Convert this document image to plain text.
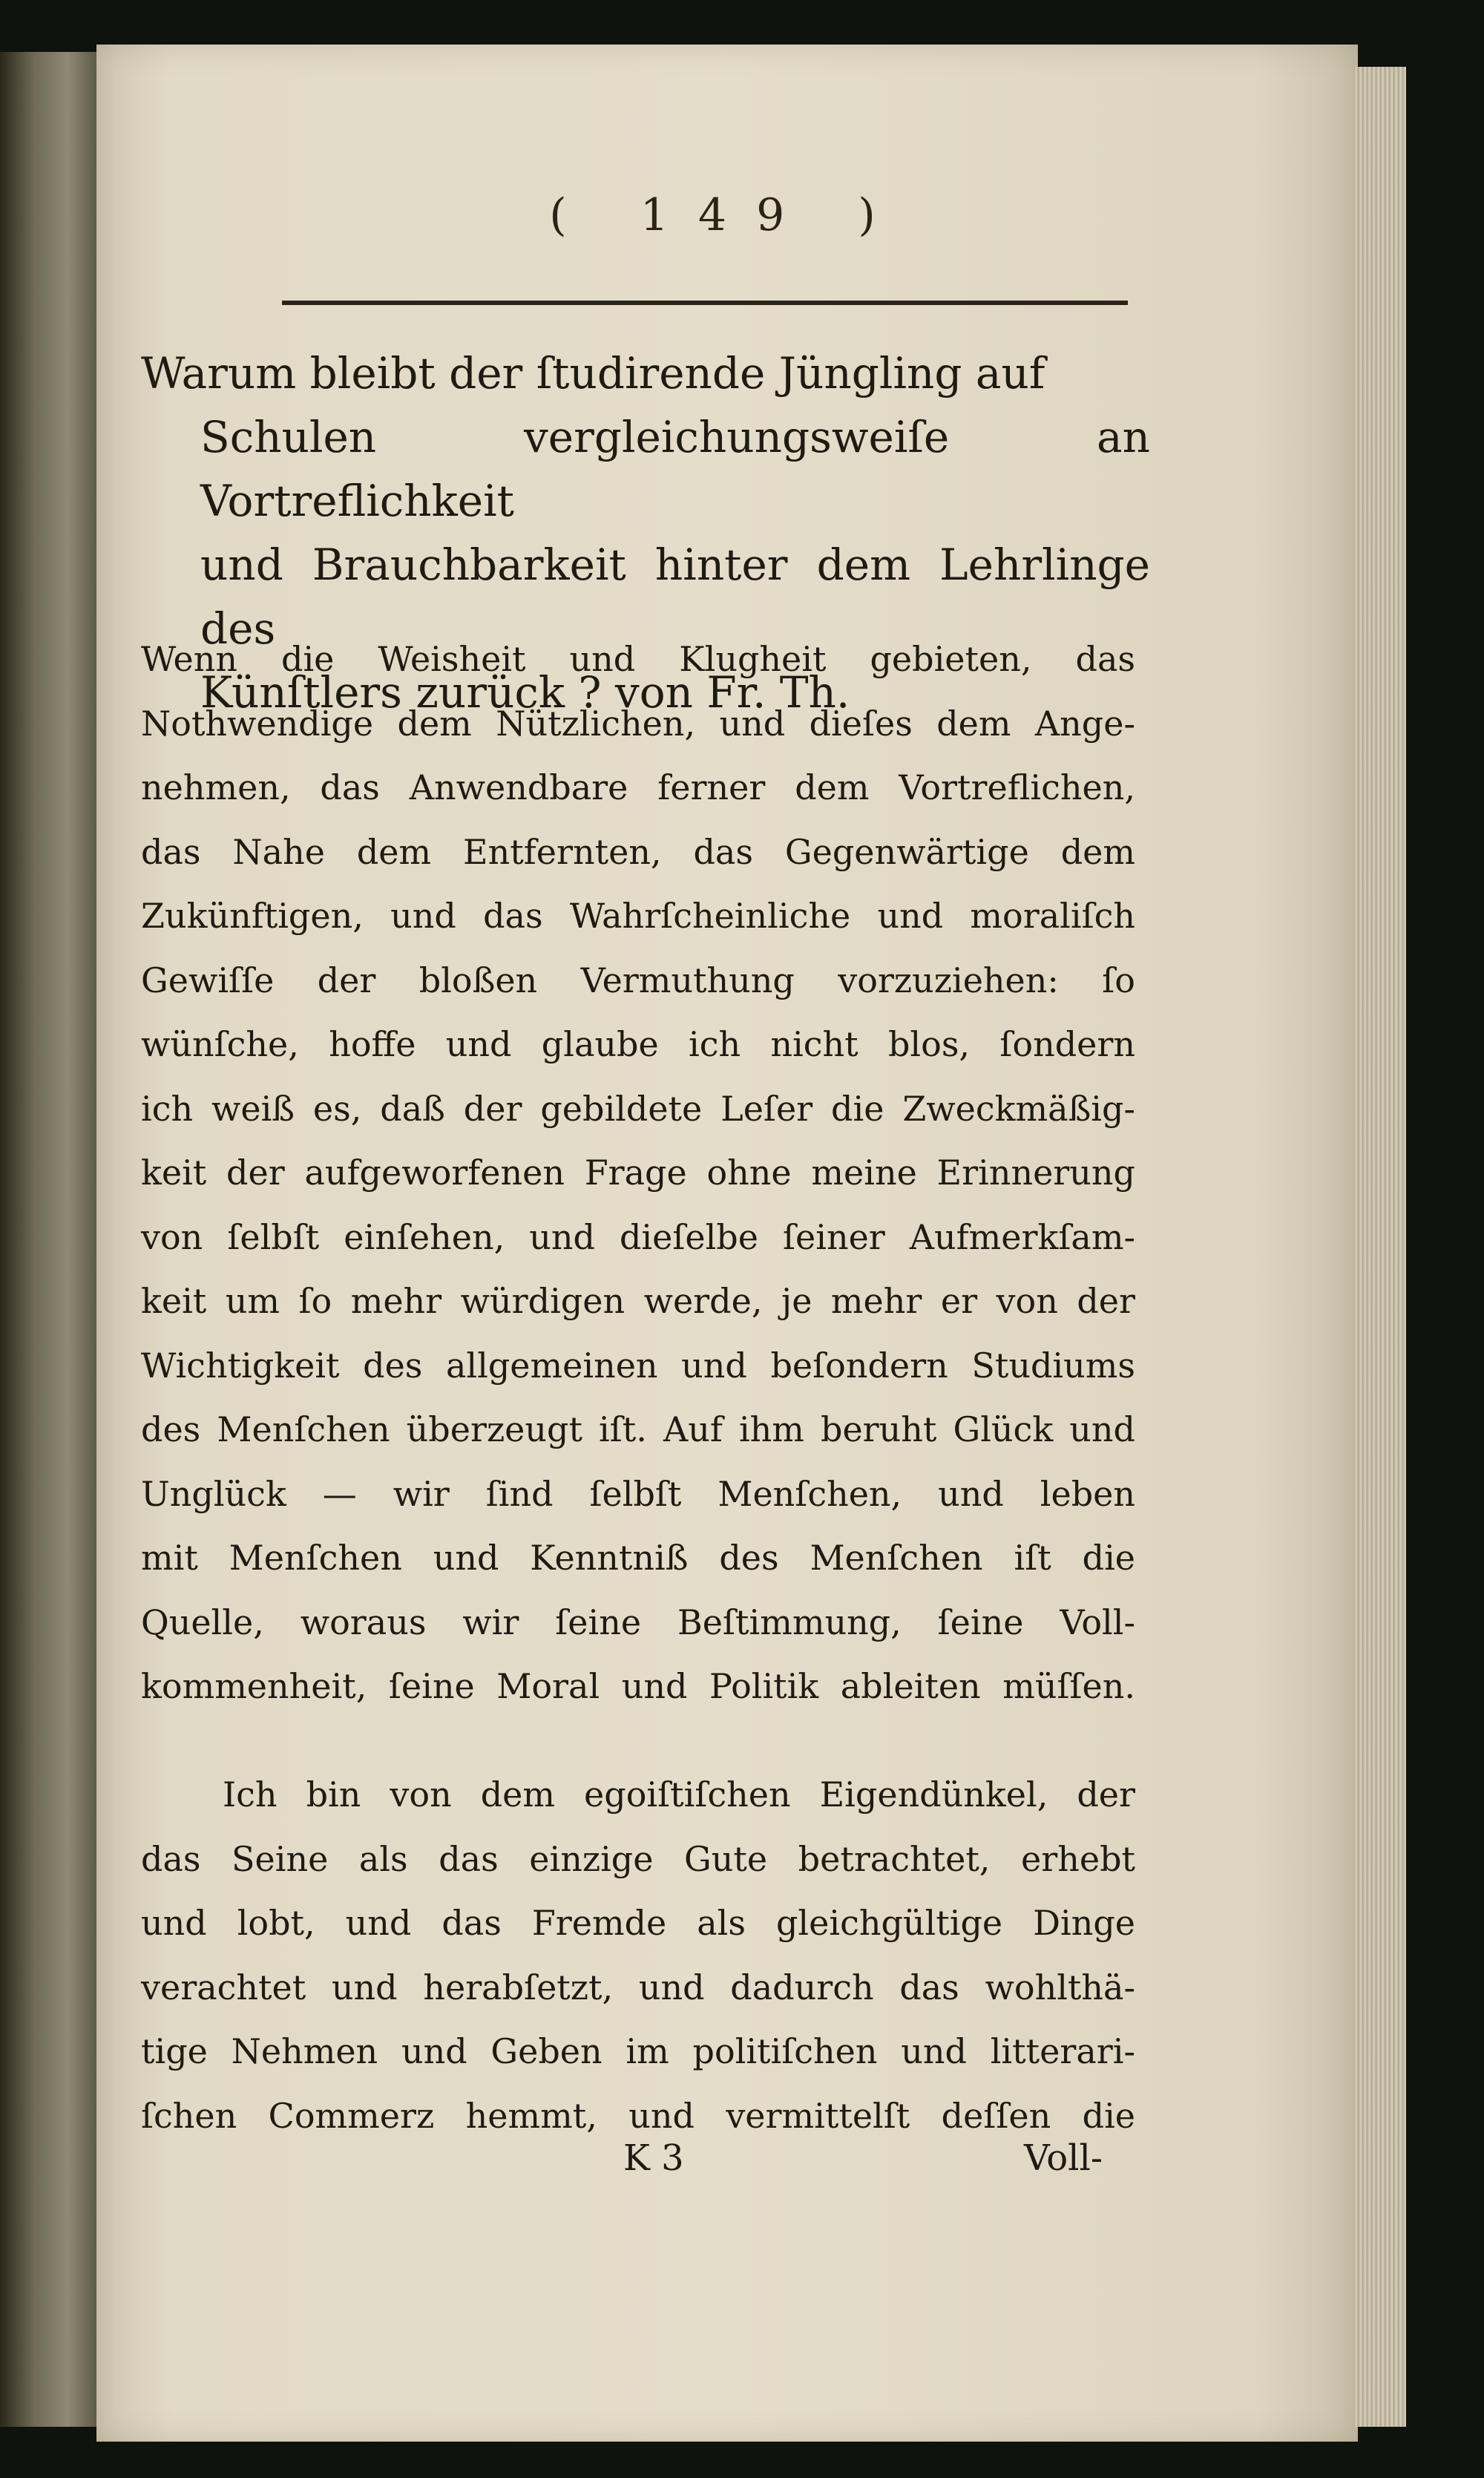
( 149 )
Warum bleibt der ſtudirende Jüngling auf
Schulen vergleichungsweiſe an Vortreflichkeit
und Brauchbarkeit hinter dem Lehrlinge des
Künſtlers zurück ? von Fr. Th.
Wenn die Weisheit und Klugheit gebieten, das
Nothwendige dem Nützlichen, und dieſes dem Ange-
nehmen, das Anwendbare ferner dem Vortreflichen,
das Nahe dem Entfernten, das Gegenwärtige dem
Zukünftigen, und das Wahrſcheinliche und moraliſch
Gewiſſe der bloßen Vermuthung vorzuziehen: ſo
wünſche, hoffe und glaube ich nicht blos, ſondern
ich weiß es, daß der gebildete Leſer die Zweckmäßig-
keit der aufgeworfenen Frage ohne meine Erinnerung
von ſelbſt einſehen, und dieſelbe ſeiner Aufmerkſam-
keit um ſo mehr würdigen werde, je mehr er von der
Wichtigkeit des allgemeinen und beſondern Studiums
des Menſchen überzeugt iſt. Auf ihm beruht Glück und
Unglück — wir ſind ſelbſt Menſchen, und leben
mit Menſchen und Kenntniß des Menſchen iſt die
Quelle, woraus wir ſeine Beſtimmung, ſeine Voll-
kommenheit, ſeine Moral und Politik ableiten müſſen.
Ich bin von dem egoiſtiſchen Eigendünkel, der
das Seine als das einzige Gute betrachtet, erhebt
und lobt, und das Fremde als gleichgültige Dinge
verachtet und herabſetzt, und dadurch das wohlthä-
tige Nehmen und Geben im politiſchen und litterari-
ſchen Commerz hemmt, und vermittelſt deſſen die
K 3	Voll-
